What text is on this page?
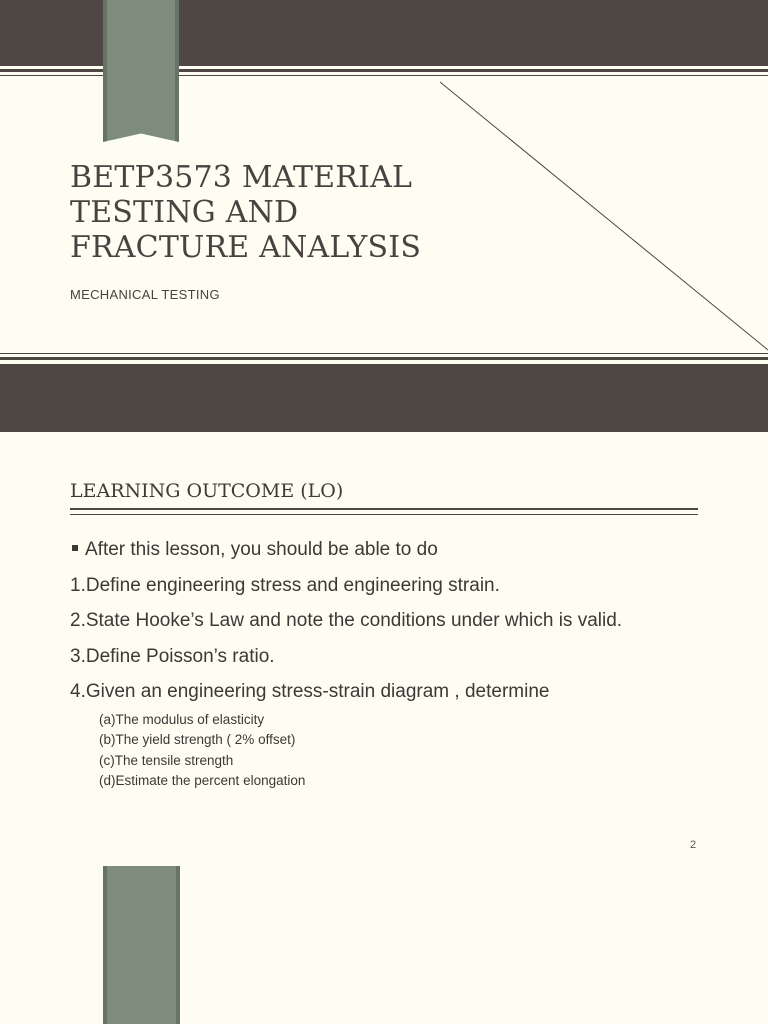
BETP3573 MATERIAL TESTING AND FRACTURE ANALYSIS
MECHANICAL TESTING
LEARNING OUTCOME (LO)
After this lesson, you should be able to do
1.Define engineering stress and engineering strain.
2.State Hooke’s Law and note the conditions under which is valid.
3.Define Poisson’s ratio.
4.Given an engineering stress-strain diagram , determine
(a)The modulus of elasticity
(b)The yield strength ( 2% offset)
(c)The tensile strength
(d)Estimate the percent elongation
2
